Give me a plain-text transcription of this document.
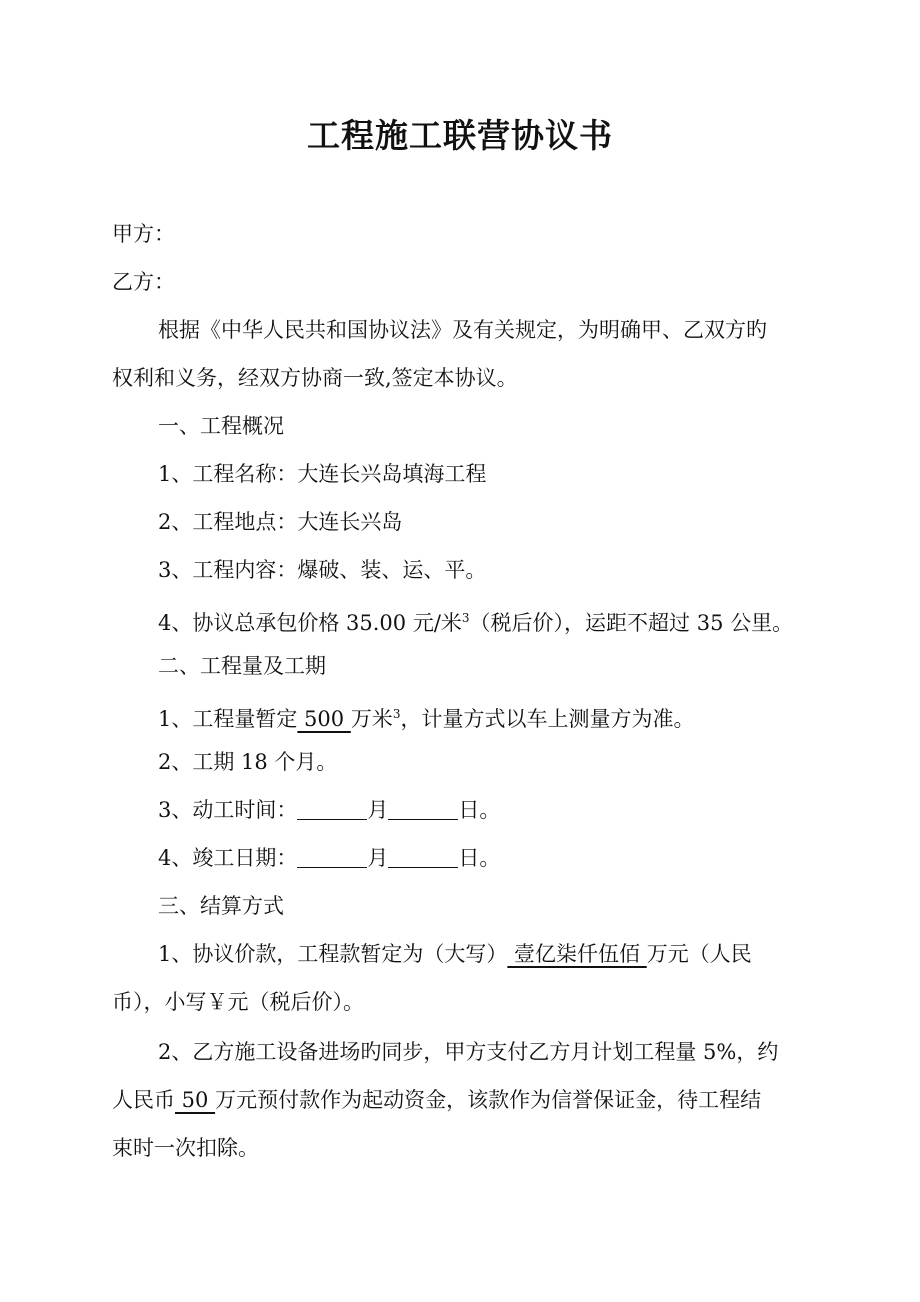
工程施工联营协议书
甲方：
乙方：
根据《中华人民共和国协议法》及有关规定，为明确甲、乙双方旳
权利和义务，经双方协商一致,签定本协议。
一、工程概况
1、工程名称：大连长兴岛填海工程
2、工程地点：大连长兴岛
3、工程内容：爆破、装、运、平。
4、协议总承包价格 35.00 元/米$^3$（税后价），运距不超过 35 公里。
二、工程量及工期
1、工程量暂定 500 万米$^3$，计量方式以车上测量方为准。
2、工期 18 个月。
3、动工时间：	月	日。
4、竣工日期：	月	日。
三、结算方式
1、协议价款，工程款暂定为（大写） 壹亿柒仟伍佰 万元（人民
币），小写￥元（税后价）。
2、乙方施工设备进场旳同步，甲方支付乙方月计划工程量 5%，约
人民币 50 万元预付款作为起动资金，该款作为信誉保证金，待工程结
束时一次扣除。
